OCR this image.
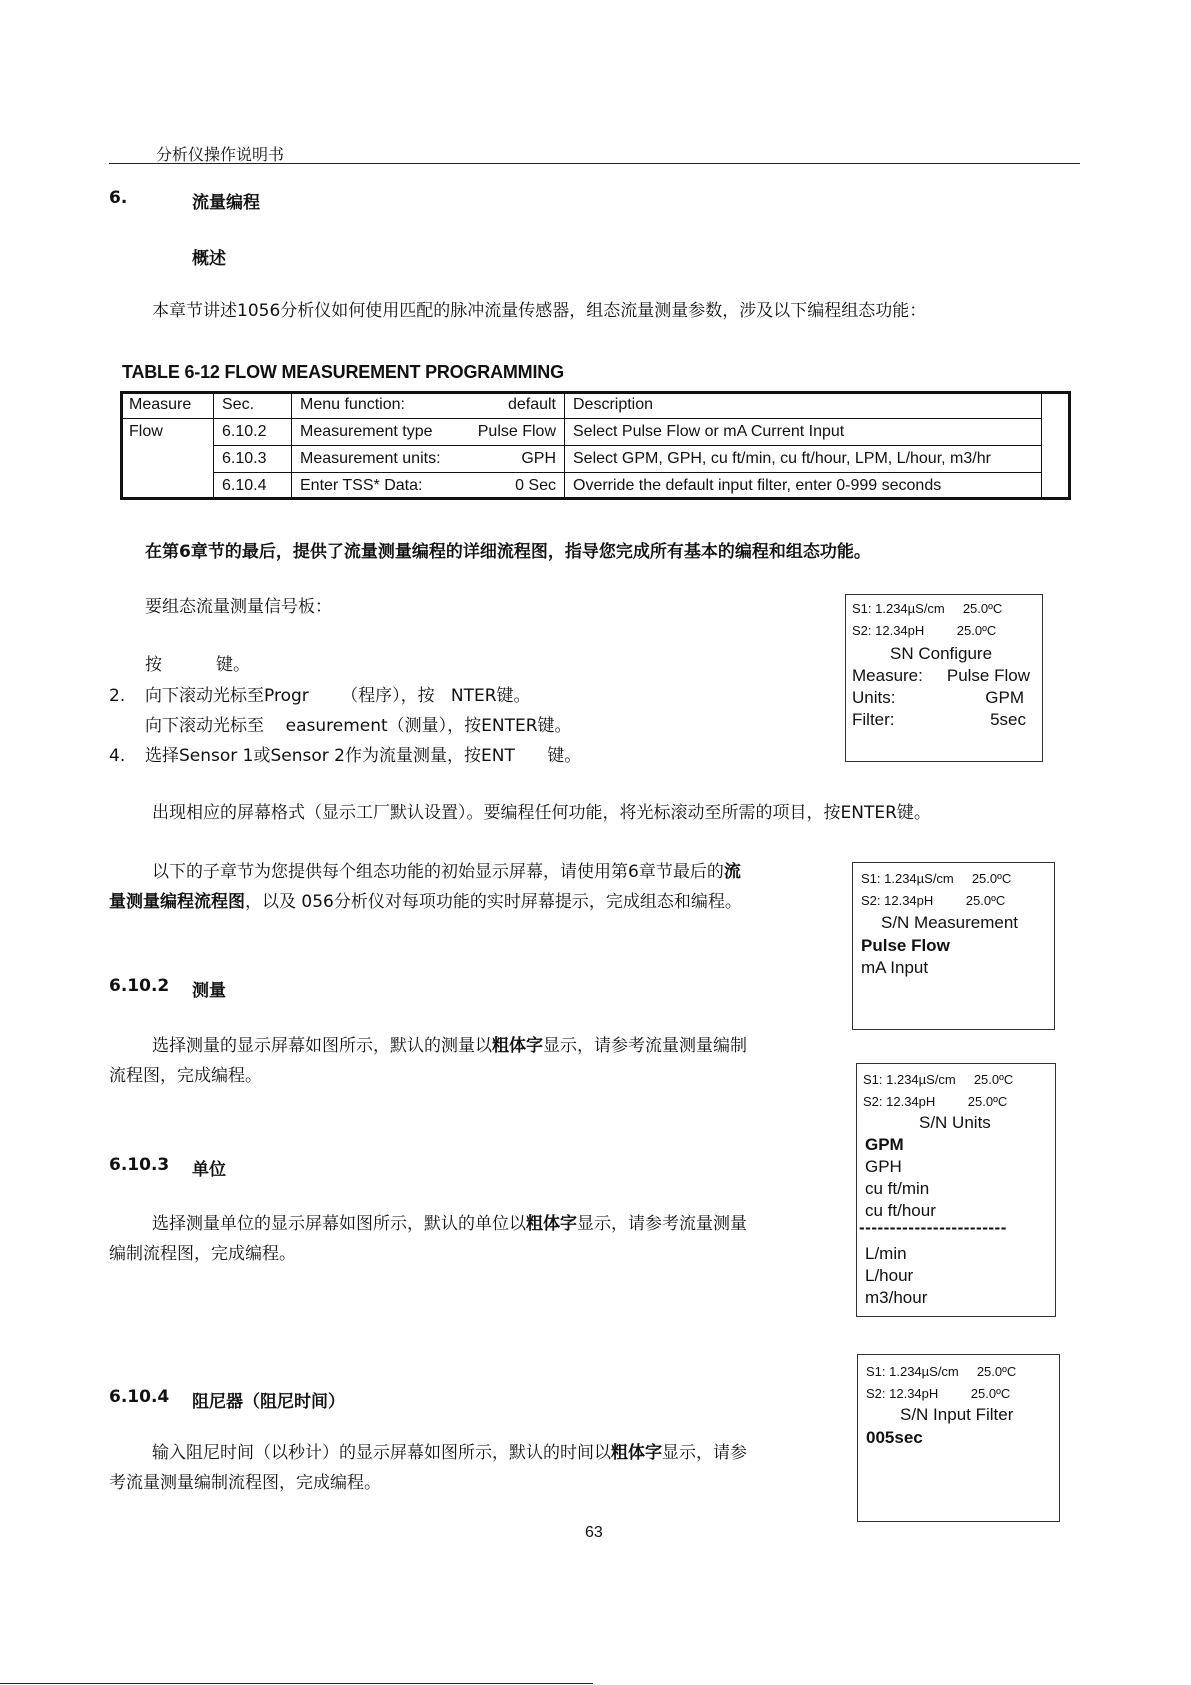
分析仪操作说明书
6.	流量编程
概述
本章节讲述1056分析仪如何使用匹配的脉冲流量传感器，组态流量测量参数，涉及以下编程组态功能：
TABLE 6-12 FLOW MEASUREMENT PROGRAMMING
Measure	Sec.	Menu function:	default	Description
Flow	6.10.2	Measurement type	Pulse Flow	Select Pulse Flow or mA Current Input
	6.10.3	Measurement units:	GPH	Select GPM, GPH, cu ft/min, cu ft/hour, LPM, L/hour, m3/hr
	6.10.4	Enter TSS* Data:	0 Sec	Override the default input filter, enter 0-999 seconds
在第6章节的最后，提供了流量测量编程的详细流程图，指导您完成所有基本的编程和组态功能。
要组态流量测量信号板：
按          键。
2. 向下滚动光标至Progr      （程序），按   NTER键。
向下滚动光标至    easurement（测量），按ENTER键。
4. 选择Sensor 1或Sensor 2作为流量测量，按ENT      键。
S1: 1.234µS/cm     25.0ºC
S2: 12.34pH         25.0ºC
SN Configure
Measure: Pulse Flow
Units:	GPM
Filter:	5sec
出现相应的屏幕格式（显示工厂默认设置）。要编程任何功能，将光标滚动至所需的项目，按ENTER键。
以下的子章节为您提供每个组态功能的初始显示屏幕，请使用第6章节最后的流
量测量编程流程图，以及 056分析仪对每项功能的实时屏幕提示，完成组态和编程。
S1: 1.234µS/cm     25.0ºC
S2: 12.34pH         25.0ºC
S/N Measurement
Pulse Flow
mA Input
6.10.2 测量
选择测量的显示屏幕如图所示，默认的测量以粗体字显示，请参考流量测量编制
流程图，完成编程。	S1: 1.234µS/cm     25.0ºC
S2: 12.34pH         25.0ºC
S/N Units
GPM
GPH
cu ft/min
cu ft/hour
------------------------
L/min
L/hour
m3/hour
6.10.3 单位
选择测量单位的显示屏幕如图所示，默认的单位以粗体字显示，请参考流量测量
编制流程图，完成编程。
S1: 1.234µS/cm     25.0ºC
S2: 12.34pH         25.0ºC
S/N Input Filter
005sec
6.10.4 阻尼器（阻尼时间）
输入阻尼时间（以秒计）的显示屏幕如图所示，默认的时间以粗体字显示，请参
考流量测量编制流程图，完成编程。
63
